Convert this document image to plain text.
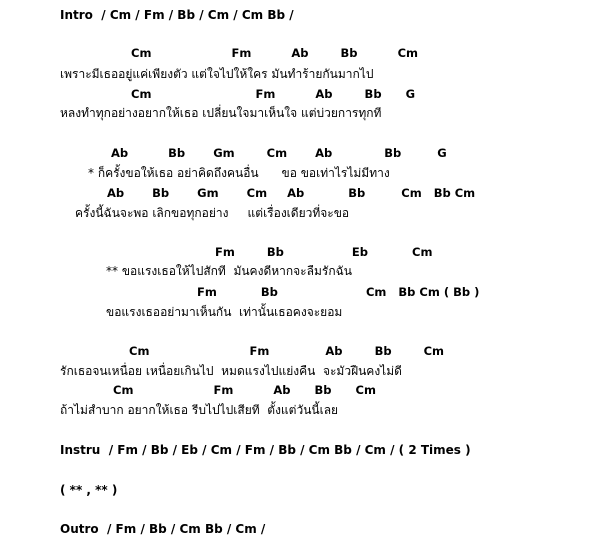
Intro  / Cm / Fm / Bb / Cm / Cm Bb /
Cm                    Fm          Ab        Bb          Cm
เพราะมีเธออยู่แค่เพียงตัว แต่ใจไปให้ใคร มันทำร้ายกันมากไป
Cm                          Fm          Ab        Bb      G
หลงทำทุกอย่างอยากให้เธอ เปลี่ยนใจมาเห็นใจ แต่บ่วยการทุกที
Ab          Bb       Gm        Cm       Ab             Bb         G
* ก็ครั้งขอให้เธอ อย่าคิดถึงคนอื่น      ขอ ขอเท่าไรไม่มีทาง
Ab       Bb       Gm       Cm     Ab           Bb         Cm   Bb Cm
ครั้งนี้ฉันจะพอ เลิกขอทุกอย่าง     แต่เรื่องเดียวที่จะขอ
Fm        Bb                 Eb           Cm
** ขอแรงเธอให้ไปสักที  มันคงดีหากจะลืมรักฉัน
Fm           Bb                      Cm   Bb Cm ( Bb )
ขอแรงเธออย่ามาเห็นกัน  เท่านั้นเธอคงจะยอม
Cm                         Fm              Ab        Bb        Cm
รักเธอจนเหนื่อย เหนื่อยเกินไป  หมดแรงไปแย่งคืน  จะมัวฝืนคงไม่ดี
Cm                    Fm          Ab      Bb      Cm
ถ้าไม่สำบาก อยากให้เธอ รีบไปไปเสียที  ตั้งแต่วันนี้เลย
Instru  / Fm / Bb / Eb / Cm / Fm / Bb / Cm Bb / Cm / ( 2 Times )
( ** , ** )
Outro  / Fm / Bb / Cm Bb / Cm /
